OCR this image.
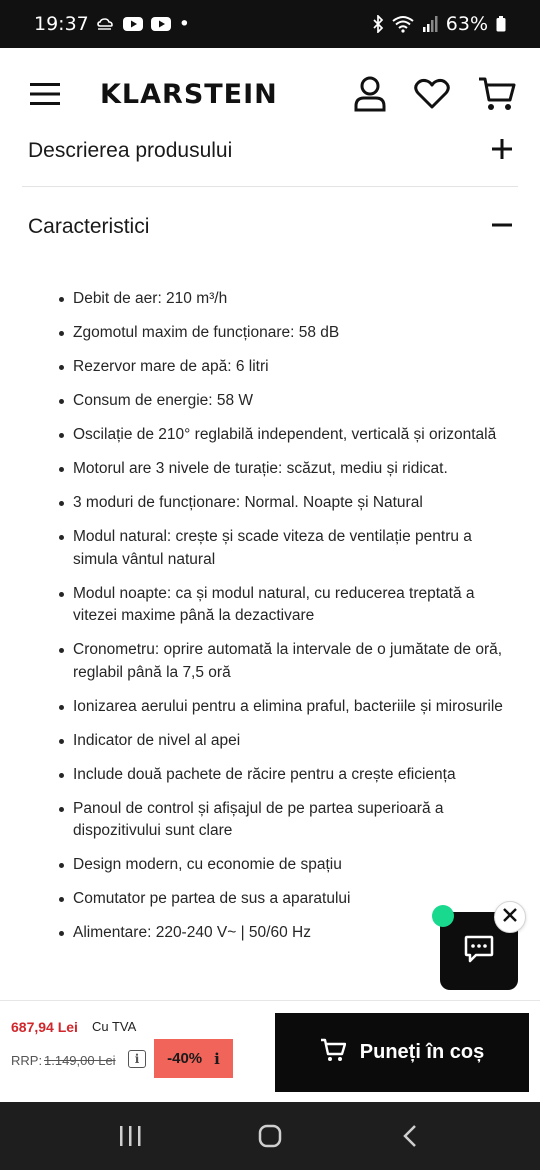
19:37	•	63%
KLARSTEIN
Descrierea produsului
Caracteristici
Debit de aer: 210 m³/h
Zgomotul maxim de funcționare: 58 dB
Rezervor mare de apă: 6 litri
Consum de energie: 58 W
Oscilație de 210° reglabilă independent, verticală și orizontală
Motorul are 3 nivele de turație: scăzut, mediu și ridicat.
3 moduri de funcționare: Normal. Noapte și Natural
Modul natural: crește și scade viteza de ventilație pentru a simula vântul natural
Modul noapte: ca și modul natural, cu reducerea treptată a vitezei maxime până la dezactivare
Cronometru: oprire automată la intervale de o jumătate de oră, reglabil până la 7,5 oră
Ionizarea aerului pentru a elimina praful, bacteriile și mirosurile
Indicator de nivel al apei
Include două pachete de răcire pentru a crește eficiența
Panoul de control și afișajul de pe partea superioară a dispozitivului sunt clare
Design modern, cu economie de spațiu
Comutator pe partea de sus a aparatului
Alimentare: 220-240 V~ | 50/60 Hz
687,94 Lei Cu TVA
RRP: 1.149,00 Lei	i	-40% i	Puneți în coș
